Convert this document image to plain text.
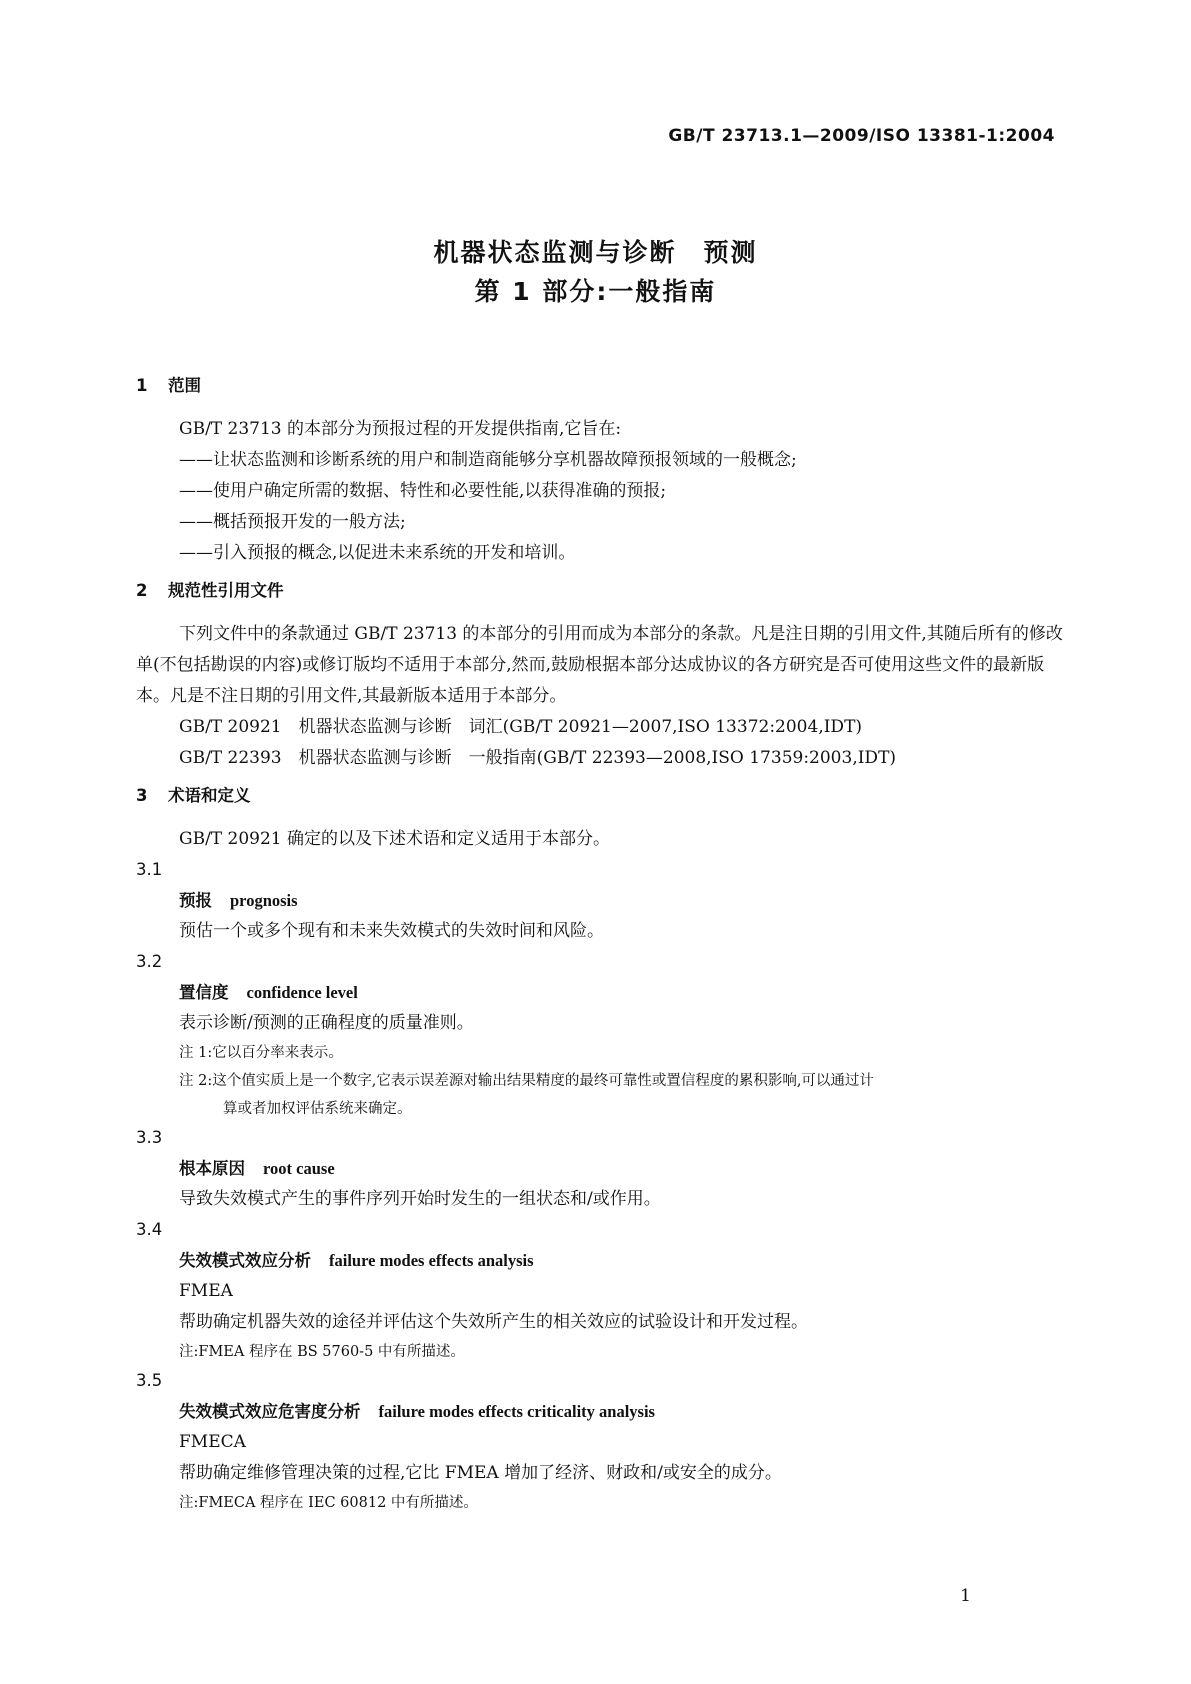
GB/T 23713.1—2009/ISO 13381-1:2004
机器状态监测与诊断　预测
第 1 部分:一般指南
1 范围

GB/T 23713 的本部分为预报过程的开发提供指南,它旨在:

——让状态监测和诊断系统的用户和制造商能够分享机器故障预报领域的一般概念;

——使用户确定所需的数据、特性和必要性能,以获得准确的预报;

——概括预报开发的一般方法;

——引入预报的概念,以促进未来系统的开发和培训。

2 规范性引用文件

下列文件中的条款通过 GB/T 23713 的本部分的引用而成为本部分的条款。凡是注日期的引用文件,其随后所有的修改单(不包括勘误的内容)或修订版均不适用于本部分,然而,鼓励根据本部分达成协议的各方研究是否可使用这些文件的最新版本。凡是不注日期的引用文件,其最新版本适用于本部分。

GB/T 20921　机器状态监测与诊断　词汇(GB/T 20921—2007,ISO 13372:2004,IDT)

GB/T 22393　机器状态监测与诊断　一般指南(GB/T 22393—2008,ISO 17359:2003,IDT)

3 术语和定义

GB/T 20921 确定的以及下述术语和定义适用于本部分。

3.1

预报 prognosis

预估一个或多个现有和未来失效模式的失效时间和风险。

3.2

置信度 confidence level

表示诊断/预测的正确程度的质量准则。

注 1:它以百分率来表示。

注 2:这个值实质上是一个数字,它表示误差源对输出结果精度的最终可靠性或置信程度的累积影响,可以通过计
算或者加权评估系统来确定。

3.3

根本原因 root cause

导致失效模式产生的事件序列开始时发生的一组状态和/或作用。

3.4

失效模式效应分析 failure modes effects analysis

FMEA

帮助确定机器失效的途径并评估这个失效所产生的相关效应的试验设计和开发过程。

注:FMEA 程序在 BS 5760-5 中有所描述。

3.5

失效模式效应危害度分析 failure modes effects criticality analysis

FMECA

帮助确定维修管理决策的过程,它比 FMEA 增加了经济、财政和/或安全的成分。

注:FMECA 程序在 IEC 60812 中有所描述。

1
